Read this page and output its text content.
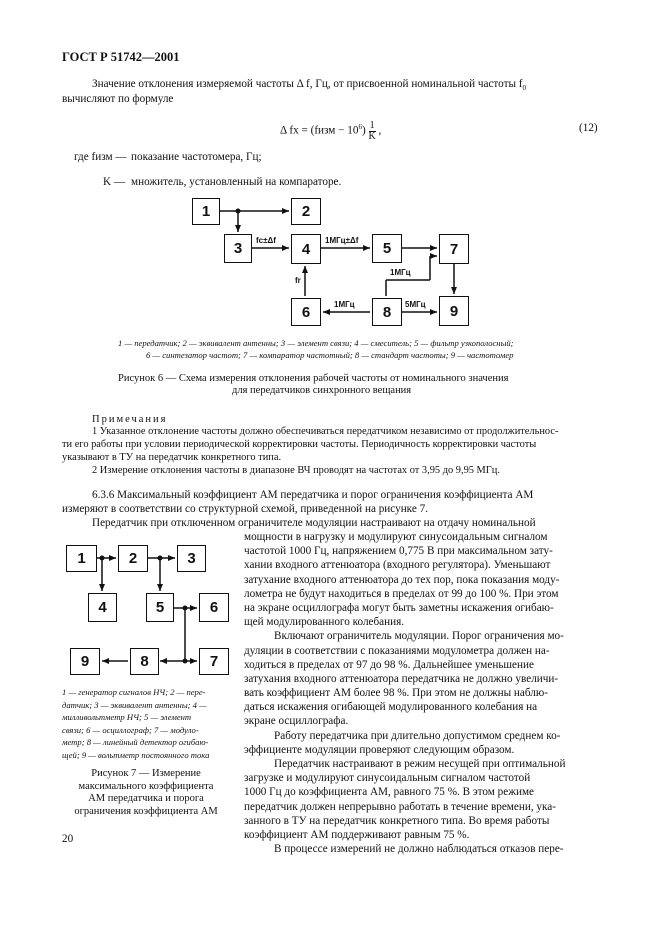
ГОСТ Р 51742—2001
Значение отклонения измеряемой частоты Δ f, Гц, от присвоенной номинальной частоты $f_0$
вычисляют по формуле
Δ fx = (fизм − $10^6) \frac{1}{K}$ ,	(12)
где fизм — показание частотомера, Гц;
K — множитель, установленный на компараторе.
1	2
3	4	5	7
6	8	9
fc±Δf	1МГц±Δf
fr
1МГц
1МГц	5МГц
1 — передатчик; 2 — эквивалент антенны; 3 — элемент связи; 4 — смеситель; 5 — фильтр узкополосный;
6 — синтезатор частот; 7 — компаратор частотный; 8 — стандарт частоты; 9 — частотомер
Рисунок 6 — Схема измерения отклонения рабочей частоты от номинального значения
для передатчиков синхронного вещания
Примечания
1 Указанное отклонение частоты должно обеспечиваться передатчиком независимо от продолжительнос-
ти его работы при условии периодической корректировки частоты. Периодичность корректировки частоты
указывают в ТУ на передатчик конкретного типа.
2 Измерение отклонения частоты в диапазоне ВЧ проводят на частотах от 3,95 до 9,95 МГц.
6.3.6 Максимальный коэффициент АМ передатчика и порог ограничения коэффициента АМ
измеряют в соответствии со структурной схемой, приведенной на рисунке 7.
Передатчик при отключенном ограничителе модуляции настраивают на отдачу номинальной
мощности в нагрузку и модулируют синусоидальным сигналом
частотой 1000 Гц, напряжением 0,775 В при максимальном зату-
хании входного аттенюатора (входного регулятора). Уменьшают
затухание входного аттенюатора до тех пор, пока показания моду-
лометра не будут находиться в пределах от 99 до 100 %. При этом
на экране осциллографа могут быть заметны искажения огибаю-
щей модулированного колебания.
Включают ограничитель модуляции. Порог ограничения мо-
дуляции в соответствии с показаниями модулометра должен на-
ходиться в пределах от 97 до 98 %. Дальнейшее уменьшение
затухания входного аттенюатора передатчика не должно увеличи-
вать коэффициент АМ более 98 %. При этом не должны наблю-
даться искажения огибающей модулированного колебания на
экране осциллографа.
Работу передатчика при длительно допустимом среднем ко-
эффициенте модуляции проверяют следующим образом.
Передатчик настраивают в режим несущей при оптимальной
загрузке и модулируют синусоидальным сигналом частотой
1000 Гц до коэффициента АМ, равного 75 %. В этом режиме
передатчик должен непрерывно работать в течение времени, ука-
занного в ТУ на передатчик конкретного типа. Во время работы
коэффициент АМ поддерживают равным 75 %.
В процессе измерений не должно наблюдаться отказов пере-
1	2	3
4	5	6
9	8	7
1 — генератор сигналов НЧ; 2 — пере-
датчик; 3 — эквивалент антенны; 4 —
милливольтметр НЧ; 5 — элемент
связи; 6 — осциллограф; 7 — модуло-
метр; 8 — линейный детектор огибаю-
щей; 9 — вольтметр постоянного тока
Рисунок 7 — Измерение
максимального коэффициента
АМ передатчика и порога
ограничения коэффициента АМ
20
